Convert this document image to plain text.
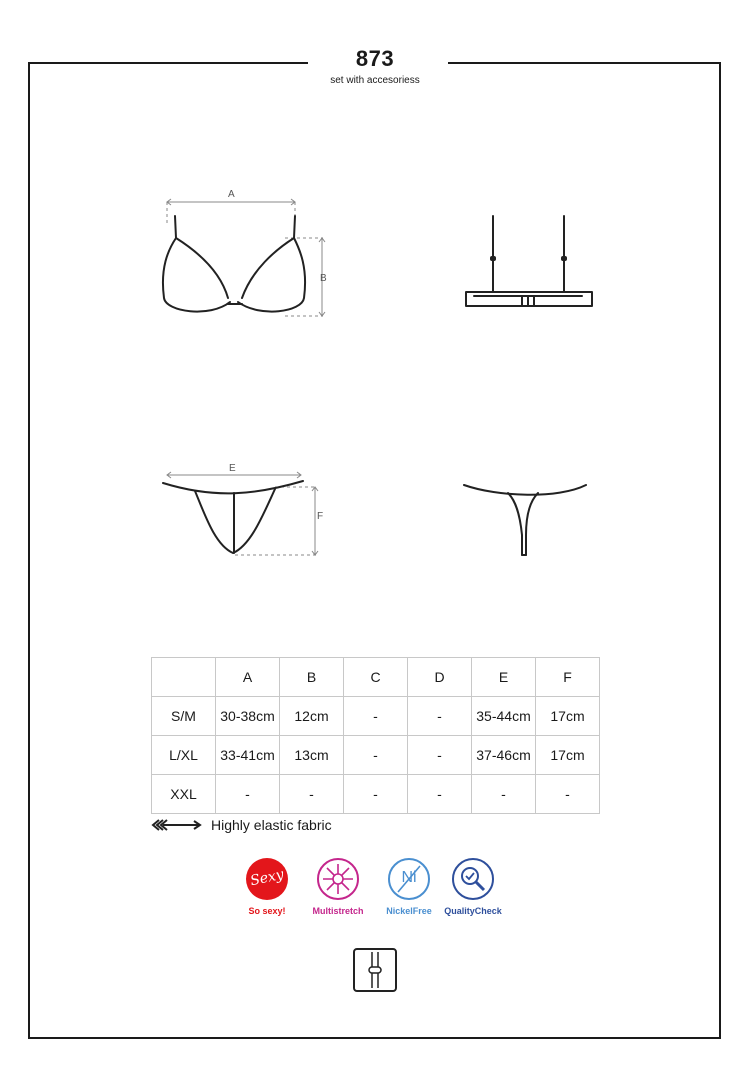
873
set with accesoriess
A
B
E
F
	A	B	C	D	E	F
S/M	30-38cm	12cm	-	-	35-44cm	17cm
L/XL	33-41cm	13cm	-	-	37-46cm	17cm
XXL	-	-	-	-	-	-
Highly elastic fabric
Sexy
So sexy!	Multistretch
Ni
NickelFree	QualityCheck
